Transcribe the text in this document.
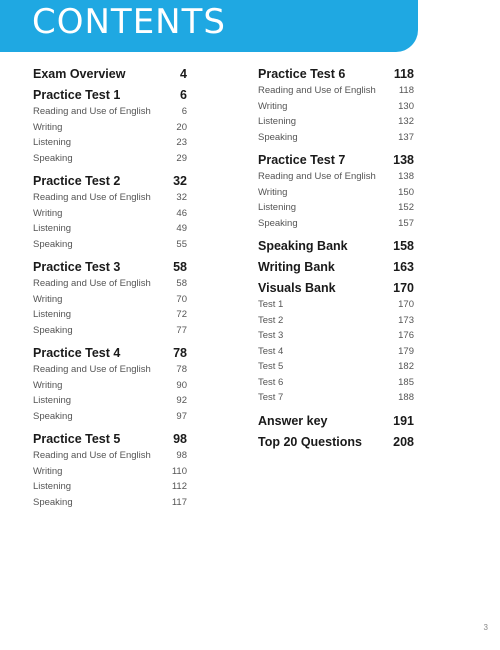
CONTENTS
Exam Overview	4
Practice Test 1	6
Reading and Use of English	6
Writing	20
Listening	23
Speaking	29
Practice Test 2	32
Reading and Use of English	32
Writing	46
Listening	49
Speaking	55
Practice Test 3	58
Reading and Use of English	58
Writing	70
Listening	72
Speaking	77
Practice Test 4	78
Reading and Use of English	78
Writing	90
Listening	92
Speaking	97
Practice Test 5	98
Reading and Use of English	98
Writing	110
Listening	112
Speaking	117
Practice Test 6	118
Reading and Use of English 118
Writing	130
Listening	132
Speaking	137
Practice Test 7	138
Reading and Use of English 138
Writing	150
Listening	152
Speaking	157
Speaking Bank	158
Writing Bank	163
Visuals Bank	170
Test 1	170
Test 2	173
Test 3	176
Test 4	179
Test 5	182
Test 6	185
Test 7	188
Answer key	191
Top 20 Questions 208
3
